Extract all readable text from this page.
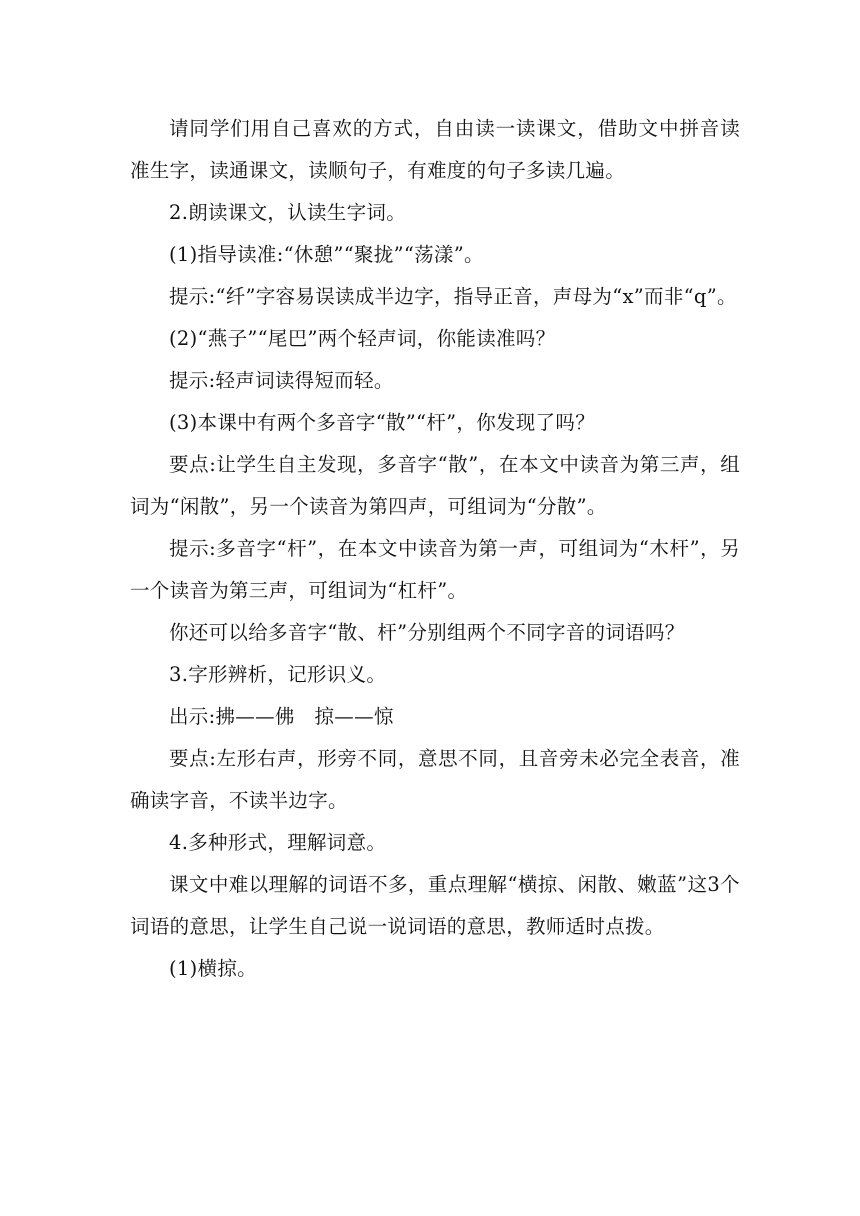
请同学们用自己喜欢的方式，自由读一读课文，借助文中拼音读准生字，读通课文，读顺句子，有难度的句子多读几遍。

2.朗读课文，认读生字词。

(1)指导读准:“休憩”“聚拢”“荡漾”。

提示:“纤”字容易误读成半边字，指导正音，声母为“x”而非“q”。

(2)“燕子”“尾巴”两个轻声词，你能读准吗？

提示:轻声词读得短而轻。

(3)本课中有两个多音字“散”“杆”，你发现了吗？

要点:让学生自主发现，多音字“散”，在本文中读音为第三声，组词为“闲散”，另一个读音为第四声，可组词为“分散”。

提示:多音字“杆”，在本文中读音为第一声，可组词为“木杆”，另一个读音为第三声，可组词为“杠杆”。

你还可以给多音字“散、杆”分别组两个不同字音的词语吗？

3.字形辨析，记形识义。

出示:拂——佛　掠——惊

要点:左形右声，形旁不同，意思不同，且音旁未必完全表音，准确读字音，不读半边字。

4.多种形式，理解词意。

课文中难以理解的词语不多，重点理解“横掠、闲散、嫩蓝”这3个词语的意思，让学生自己说一说词语的意思，教师适时点拨。

(1)横掠。
